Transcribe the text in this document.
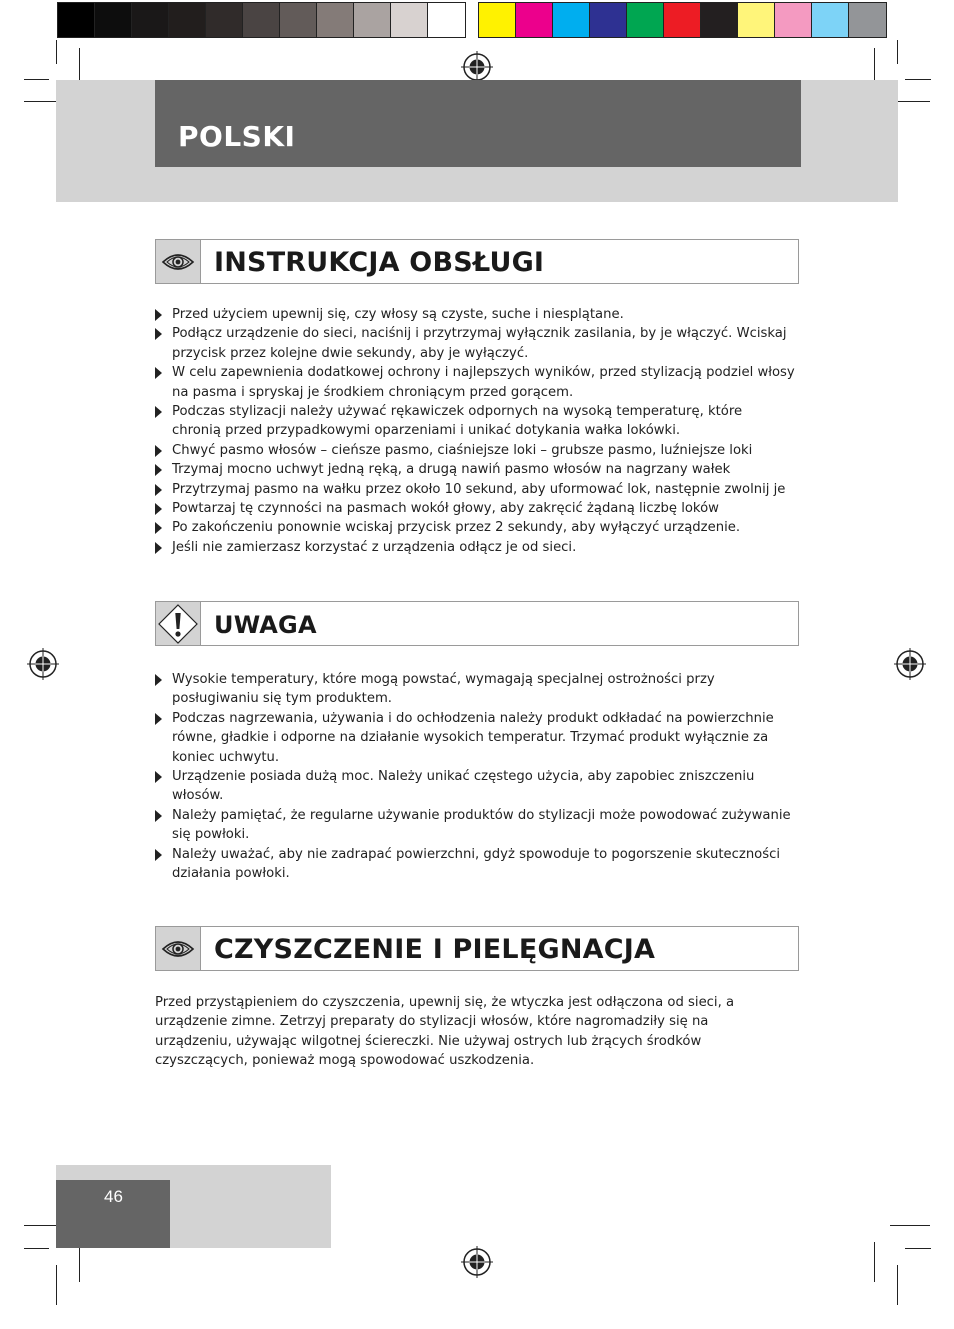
POLSKI
INSTRUKCJA OBSŁUGI
Przed użyciem upewnij się, czy włosy są czyste, suche i niesplątane.
Podłącz urządzenie do sieci, naciśnij i przytrzymaj wyłącznik zasilania, by je włączyć. Wciskaj przycisk przez kolejne dwie sekundy, aby je wyłączyć.
W celu zapewnienia dodatkowej ochrony i najlepszych wyników, przed stylizacją podziel włosy na pasma i spryskaj je środkiem chroniącym przed gorącem.
Podczas stylizacji należy używać rękawiczek odpornych na wysoką temperaturę, które chronią przed przypadkowymi oparzeniami i unikać dotykania wałka lokówki.
Chwyć pasmo włosów – cieńsze pasmo, ciaśniejsze loki – grubsze pasmo, luźniejsze loki
Trzymaj mocno uchwyt jedną ręką, a drugą nawiń pasmo włosów na nagrzany wałek
Przytrzymaj pasmo na wałku przez około 10 sekund, aby uformować lok, następnie zwolnij je
Powtarzaj tę czynności na pasmach wokół głowy, aby zakręcić żądaną liczbę loków
Po zakończeniu ponownie wciskaj przycisk przez 2 sekundy, aby wyłączyć urządzenie.
Jeśli nie zamierzasz korzystać z urządzenia odłącz je od sieci.
UWAGA
Wysokie temperatury, które mogą powstać, wymagają specjalnej ostrożności przy posługiwaniu się tym produktem.
Podczas nagrzewania, używania i do ochłodzenia należy produkt odkładać na powierzchnie równe, gładkie i odporne na działanie wysokich temperatur. Trzymać produkt wyłącznie za koniec uchwytu.
Urządzenie posiada dużą moc. Należy unikać częstego użycia, aby zapobiec zniszczeniu włosów.
Należy pamiętać, że regularne używanie produktów do stylizacji może powodować zużywanie się powłoki.
Należy uważać, aby nie zadrapać powierzchni, gdyż spowoduje to pogorszenie skuteczności działania powłoki.
CZYSZCZENIE I PIELĘGNACJA

Przed przystąpieniem do czyszczenia, upewnij się, że wtyczka jest odłączona od sieci, a urządzenie zimne. Zetrzyj preparaty do stylizacji włosów, które nagromadziły się na urządzeniu, używając wilgotnej ściereczki. Nie używaj ostrych lub żrących środków czyszczących, ponieważ mogą spowodować uszkodzenia.

46
